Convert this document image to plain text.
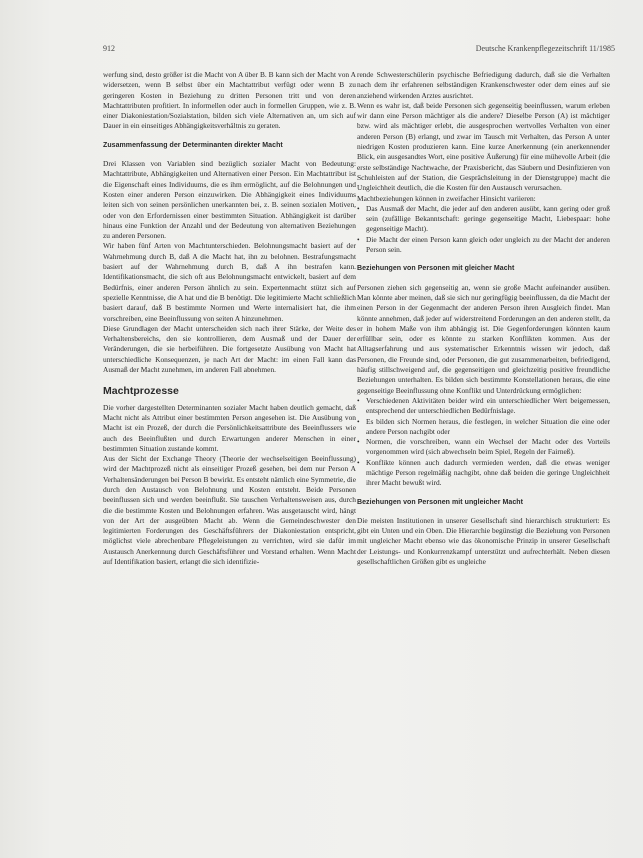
912	Deutsche Krankenpflegezeitschrift 11/1985

werfung sind, desto größer ist die Macht von A über B. B kann sich der Macht von A widersetzen, wenn B selbst über ein Machtattribut verfügt oder wenn B zu geringeren Kosten in Beziehung zu dritten Personen tritt und von deren Machtattributen profitiert. In informellen oder auch in formellen Gruppen, wie z. B. einer Diakoniestation/Sozialstation, bilden sich viele Alternativen an, um sich auf Dauer in ein einseitiges Abhängigkeitsverhältnis zu geraten.

Zusammenfassung der Determinanten direkter Macht

Drei Klassen von Variablen sind bezüglich sozialer Macht von Bedeutung: Machtattribute, Abhängigkeiten und Alternativen einer Person. Ein Machtattribut ist die Eigenschaft eines Individuums, die es ihm ermöglicht, auf die Belohnungen und Kosten einer anderen Person einzuwirken. Die Abhängigkeit eines Individuums leiten sich von seinen persönlichen unerkannten bei, z. B. seinen sozialen Motiven, oder von den Erfordernissen einer bestimmten Situation. Abhängigkeit ist darüber hinaus eine Funktion der Anzahl und der Bedeutung von alternativen Beziehungen zu anderen Personen.

Wir haben fünf Arten von Machtunterschieden. Belohnungsmacht basiert auf der Wahrnehmung durch B, daß A die Macht hat, ihn zu belohnen. Bestrafungsmacht basiert auf der Wahrnehmung durch B, daß A ihn bestrafen kann. Identifikationsmacht, die sich oft aus Belohnungsmacht entwickelt, basiert auf dem Bedürfnis, einer anderen Person ähnlich zu sein. Expertenmacht stützt sich auf spezielle Kenntnisse, die A hat und die B benötigt. Die legitimierte Macht schließlich basiert darauf, daß B bestimmte Normen und Werte internalisiert hat, die ihm vorschreiben, eine Beeinflussung von seiten A hinzunehmen.

Diese Grundlagen der Macht unterscheiden sich nach ihrer Stärke, der Weite des Verhaltensbereichs, den sie kontrollieren, dem Ausmaß und der Dauer der Veränderungen, die sie herbeiführen. Die fortgesetzte Ausübung von Macht hat unterschiedliche Konsequenzen, je nach Art der Macht: im einen Fall kann das Ausmaß der Macht zunehmen, im anderen Fall abnehmen.

Machtprozesse

Die vorher dargestellten Determinanten sozialer Macht haben deutlich gemacht, daß Macht nicht als Attribut einer bestimmten Person angesehen ist. Die Ausübung von Macht ist ein Prozeß, der durch die Persönlichkeitsattribute des Beeinflussers wie auch des Beeinflußten und durch Erwartungen anderer Menschen in einer bestimmten Situation zustande kommt.

Aus der Sicht der Exchange Theory (Theorie der wechselseitigen Beeinflussung) wird der Machtprozeß nicht als einseitiger Prozeß gesehen, bei dem nur Person A Verhaltensänderungen bei Person B bewirkt. Es entsteht nämlich eine Symmetrie, die durch den Austausch von Belohnung und Kosten entsteht. Beide Personen beeinflussen sich und werden beeinflußt. Sie tauschen Verhaltensweisen aus, durch die die bestimmte Kosten und Belohnungen erfahren. Was ausgetauscht wird, hängt von der Art der ausgeübten Macht ab. Wenn die Gemeindeschwester den legitimierten Forderungen des Geschäftsführers der Diakoniestation entspricht, möglichst viele abrechenbare Pflegeleistungen zu verrichten, wird sie dafür im Austausch Anerkennung durch Geschäftsführer und Vorstand erhalten. Wenn Macht auf Identifikation basiert, erlangt die sich identifizie-

rende Schwesterschülerin psychische Befriedigung dadurch, daß sie die Verhalten nach dem ihr erfahrenen selbständigen Krankenschwester oder dem eines auf sie anziehend wirkenden Arztes ausrichtet.

Wenn es wahr ist, daß beide Personen sich gegenseitig beeinflussen, warum erleben wir dann eine Person mächtiger als die andere? Dieselbe Person (A) ist mächtiger bzw. wird als mächtiger erlebt, die ausgesprochen wertvolles Verhalten von einer anderen Person (B) erlangt, und zwar im Tausch mit Verhalten, das Person A unter niedrigen Kosten produzieren kann. Eine kurze Anerkennung (ein anerkennender Blick, ein ausgesandtes Wort, eine positive Äußerung) für eine mühevolle Arbeit (die erste selbständige Nachtwache, der Praxisbericht, das Säubern und Desinfizieren von Schuhleisten auf der Station, die Gesprächsleitung in der Dienstgruppe) macht die Ungleichheit deutlich, die die Kosten für den Austausch verursachen.

Machtbeziehungen können in zweifacher Hinsicht variieren:

• Das Ausmaß der Macht, die jeder auf den anderen ausübt, kann gering oder groß sein (zufällige Bekanntschaft: geringe gegenseitige Macht, Liebespaar: hohe gegenseitige Macht).

• Die Macht der einen Person kann gleich oder ungleich zu der Macht der anderen Person sein.

Beziehungen von Personen mit gleicher Macht

Personen ziehen sich gegenseitig an, wenn sie große Macht aufeinander ausüben. Man könnte aber meinen, daß sie sich nur geringfügig beeinflussen, da die Macht der einen Person in der Gegenmacht der anderen Person ihren Ausgleich findet. Man könnte annehmen, daß jeder auf widerstreitend Forderungen an den anderen stellt, da er in hohem Maße von ihm abhängig ist. Die Gegenforderungen könnten kaum erfüllbar sein, oder es könnte zu starken Konflikten kommen. Aus der Alltagserfahrung und aus systematischer Erkenntnis wissen wir jedoch, daß Personen, die Freunde sind, oder Personen, die gut zusammenarbeiten, befriedigend, häufig stillschweigend auf, die gegenseitigen und gleichzeitig positive freundliche Beziehungen unterhalten. Es bilden sich bestimmte Konstellationen heraus, die eine gegenseitige Beeinflussung ohne Konflikt und Unterdrückung ermöglichen:

• Verschiedenen Aktivitäten beider wird ein unterschiedlicher Wert beigemessen, entsprechend der unterschiedlichen Bedürfnislage.

• Es bilden sich Normen heraus, die festlegen, in welcher Situation die eine oder andere Person nachgibt oder

• Normen, die vorschreiben, wann ein Wechsel der Macht oder des Vorteils vorgenommen wird (sich abwechseln beim Spiel, Regeln der Fairneß).

• Konflikte können auch dadurch vermieden werden, daß die etwas weniger mächtige Person regelmäßig nachgibt, ohne daß beiden die geringe Ungleichheit ihrer Macht bewußt wird.

Beziehungen von Personen mit ungleicher Macht

Die meisten Institutionen in unserer Gesellschaft sind hierarchisch strukturiert: Es gibt ein Unten und ein Oben. Die Hierarchie begünstigt die Beziehung von Personen mit ungleicher Macht ebenso wie das ökonomische Prinzip in unserer Gesellschaft der Leistungs- und Konkurrenzkampf unterstützt und aufrechterhält. Neben diesen gesellschaftlichen Größen gibt es ungleiche
